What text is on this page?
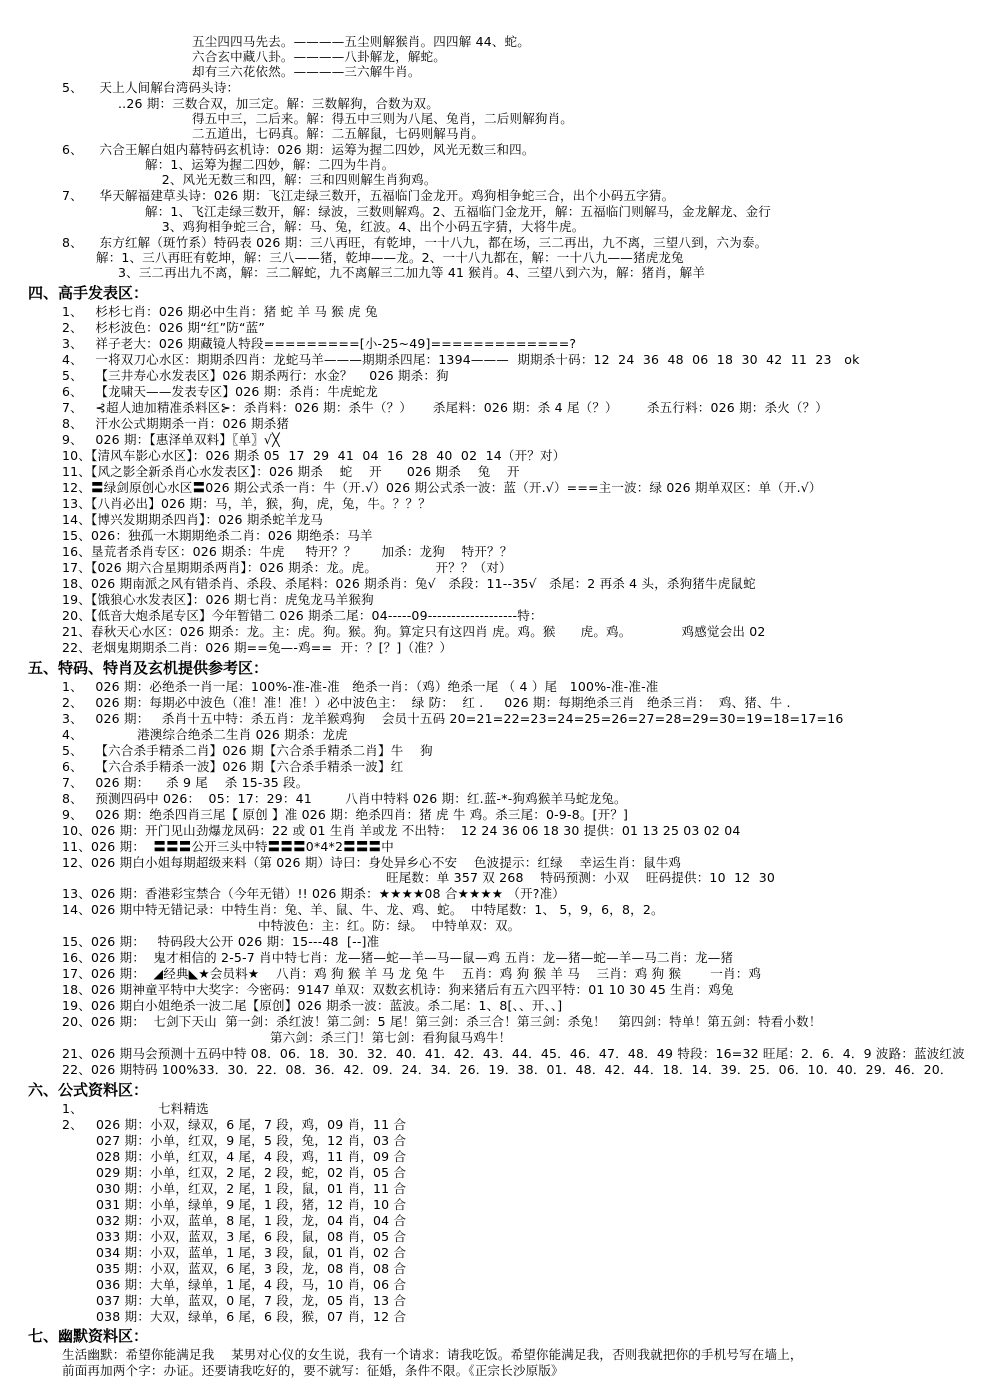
五尘四四马先去。————五尘则解猴肖。四四解 44、蛇。
六合玄中藏八卦。————八卦解龙，解蛇。
却有三六花依然。————三六解牛肖。
5、    天上人间解台湾码头诗：
..26 期：三数合双，加三定。解：三数解狗，合数为双。
得五中三，二后来。解：得五中三则为八尾、兔肖，二后则解狗肖。
二五道出，七码真。解：二五解鼠，七码则解马肖。
6、    六合王解白姐内幕特码玄机诗：026 期：运筹为握二四妙，风光无数三和四。
解：1、运筹为握二四妙，解：二四为牛肖。
2、风光无数三和四，解：三和四则解生肖狗鸡。
7、    华天解福建草头诗：026 期：飞江走绿三数开，五福临门金龙开。鸡狗相争蛇三合，出个小码五字猜。
解：1、飞江走绿三数开，解：绿波，三数则解鸡。2、五福临门金龙开，解：五福临门则解马，金龙解龙、金行
3、鸡狗相争蛇三合，解：马、兔，红波。4、出个小码五字猜，大将牛虎。
8、    东方红解（斑竹系）特码表 026 期：三八再旺，有乾坤，一十八九，都在场，三二再出，九不离，三望八到，六为泰。
解：1、三八再旺有乾坤，解：三八——猪，乾坤——龙。2、一十八九都在，解：一十八九——猪虎龙兔
3、三二再出九不离，解：三二解蛇，九不离解三二加九等 41 猴肖。4、三望八到六为，解：猪肖，解羊
四、高手发表区：
1、   杉杉七肖：026 期必中生肖：猪 蛇 羊 马 猴 虎 兔
2、   杉杉波色：026 期“红”防“蓝”
3、   祥子老大：026 期藏镜人特段=========[小-25~49]=============?
4、   一将双刀心水区：期期杀四肖：龙蛇马羊———期期杀四尾：1394———  期期杀十码：12  24  36  48  06  18  30  42  11  23   ok
5、   【三井寿心水发表区】026 期杀两行：水金？    026 期杀：狗
6、   【龙啸天——发表专区】026 期：杀肖：牛虎蛇龙
7、   ⊰超人迪加精准杀料区⊱：杀肖料：026 期：杀牛（？）     杀尾料：026 期：杀 4 尾（？）       杀五行料：026 期：杀火（？）
8、   汗水公式期期杀一肖：026 期杀猪
9、   026 期：【惠泽单双料】〖单〗√╳
10、【清风车影心水区】：026 期杀 05  17  29  41  04  16  28  40  02  14（开？对）
11、【风之影全新杀肖心水发表区】：026 期杀    蛇    开      026 期杀    兔    开
12、〓绿剑原创心水区〓026 期公式杀一肖：牛（开.√）026 期公式杀一波：蓝（开.√）===主一波：绿 026 期单双区：单（开.√）
13、【八肖必出】026 期：马，羊，猴，狗，虎，兔，牛。？？？
14、【博兴发期期杀四肖】：026 期杀蛇羊龙马
15、026：独孤一木期期绝杀二肖：026 期绝杀：马羊
16、垦荒者杀肖专区：026 期杀：牛虎     特开？？      加杀：龙狗    特开？？
17、【026 期六合星期期杀两肖】：026 期杀：龙。虎。              开？？（对）
18、026 期南派之风有错杀肖、杀段、杀尾料：026 期杀肖：兔√   杀段：11--35√   杀尾：2 再杀 4 头，杀狗猪牛虎鼠蛇
19、【饿狼心水发表区】：026 期七肖：虎兔龙马羊猴狗
20、【低音大炮杀尾专区】今年暂错二 026 期杀二尾：04-----09-------------------特：
21、春秋天心水区：026 期杀：龙。主：虎。狗。猴。狗。算定只有这四肖 虎。鸡。猴      虎。鸡。            鸡感觉会出 02
22、老烟鬼期期杀二肖：026 期==兔—-鸡==  开：？[？]（准？）
五、特码、特肖及玄机提供参考区：
1、   026 期：必绝杀一肖一尾：100%-准-准-准   绝杀一肖：（鸡）绝杀一尾 （ 4 ）尾   100%-准-准-准
2、   026 期：每期必中波色（准！准！准！）必中波色主：  绿 防：  红 .     026 期：每期绝杀三肖   绝杀三肖：  鸡、猪、牛 .
3、   026 期：   杀肖十五中特：杀五肖：龙羊猴鸡狗    会员十五码 20=21=22=23=24=25=26=27=28=29=30=19=18=17=16
4、             港澳综合绝杀二生肖 026 期杀：龙虎
5、   【六合杀手精杀二肖】026 期【六合杀手精杀二肖】牛    狗
6、   【六合杀手精杀一波】026 期【六合杀手精杀一波】红
7、   026 期：    杀 9 尾    杀 15-35 段。
8、   预测四码中 026：  05：17：29：41        八肖中特料 026 期：红.蓝-*-狗鸡猴羊马蛇龙兔。
9、   026 期：绝杀四肖三尾【 原创 】准 026 期：绝杀四肖：猪 虎 牛 鸡。杀三尾：0-9-8。[开？]
10、026 期：开门见山劲爆龙凤码：22 或 01 生肖 羊或龙 不出特：  12 24 36 06 18 30 提供：01 13 25 03 02 04
11、026 期：  〓〓〓公开三头中特〓〓〓0*4*2〓〓〓中
12、026 期白小姐每期超级来料（第 026 期）诗曰：身处异乡心不安    色波提示：红绿    幸运生肖：鼠牛鸡
旺尾数：单 357 双 268    特码预测：小双    旺码提供：10  12  30
13、026 期：香港彩宝禁合（今年无错）!! 026 期杀：★★★★08 合★★★★ （开?准）
14、026 期中特无错记录：中特生肖：兔、羊、鼠、牛、龙、鸡、蛇。  中特尾数：1、 5，9，6，8，2。
中特波色：主：红。防：绿。  中特单双：双。
15、026 期：   特码段大公开 026 期：15---48  [--]准
16、026 期：  鬼才相信的 2-5-7 肖中特七肖：龙—猪—蛇—羊—马—鼠—鸡 五肖：龙—猪—蛇—羊—马二肖：龙—猪
17、026 期：  ◢经典◣★会员料★    八肖：鸡 狗 猴 羊 马 龙 兔 牛    五肖：鸡 狗 猴 羊 马    三肖：鸡 狗 猴       一肖：鸡
18、026 期神童平特中大奖字：今密码：9147 单双：双数玄机诗：狗来猪后有五六四平特：01 10 30 45 生肖：鸡兔
19、026 期白小姐绝杀一波二尾【原创】026 期杀一波：蓝波。杀二尾：1、8[、、开、、]
20、026 期：  七剑下天山  第一剑：杀红波！第二剑：5 尾！第三剑：杀三合！第三剑：杀兔！   第四剑：特单！第五剑：特看小数！
第六剑：杀三门！第七剑：看狗鼠马鸡牛！
21、026 期马会预测十五码中特 08．06．18．30．32．40．41．42．43．44．45．46．47．48．49 特段：16=32 旺尾：2．6．4．9 波路：蓝波红波
22、026 期特码 100%33．30．22．08．36．42．09．24．34．26．19．38．01．48．42．44．18．14．39．25．06．10．40．29．46．20．
六、公式资料区：
1、                  七料精选
2、 026 期：小双，绿双，6 尾，7 段，鸡，09 肖，11 合
027 期：小单，红双，9 尾，5 段，兔，12 肖，03 合
028 期：小单，红双，4 尾，4 段，鸡，11 肖，09 合
029 期：小单，红双，2 尾，2 段，蛇，02 肖，05 合
030 期：小单，红双，2 尾，1 段，鼠，01 肖，11 合
031 期：小单，绿单，9 尾，1 段，猪，12 肖，10 合
032 期：小双，蓝单，8 尾，1 段，龙，04 肖，04 合
033 期：小双，蓝双，3 尾，6 段，鼠，08 肖，05 合
034 期：小双，蓝单，1 尾，3 段，鼠，01 肖，02 合
035 期：小双，蓝双，6 尾，3 段，龙，08 肖，08 合
036 期：大单，绿单，1 尾，4 段，马，10 肖，06 合
037 期：大单，蓝双，0 尾，7 段，龙，05 肖，13 合
038 期：大双，绿单，6 尾，6 段，猴，07 肖，12 合
七、幽默资料区：
生活幽默：希望你能满足我    某男对心仪的女生说，我有一个请求：请我吃饭。希望你能满足我，否则我就把你的手机号写在墙上，
前面再加两个字：办证。还要请我吃好的，要不就写：征婚，条件不限。《正宗长沙原版》
